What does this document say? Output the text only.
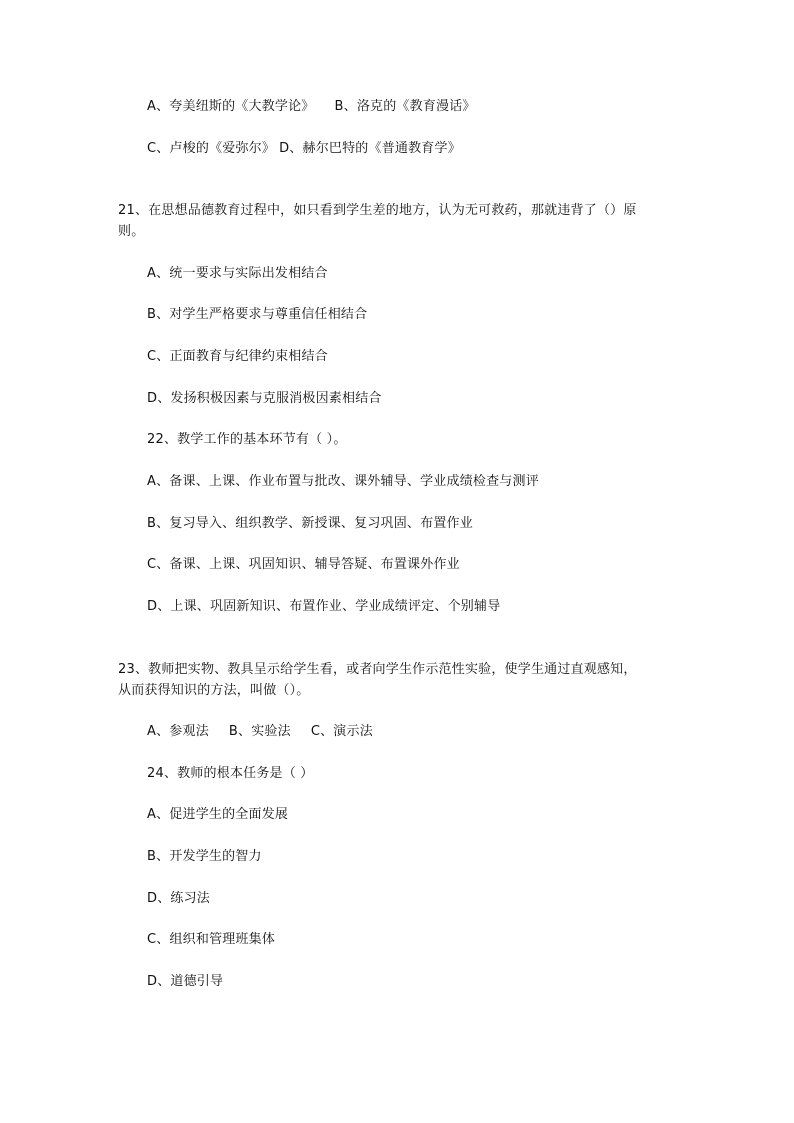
A、夸美纽斯的《大教学论》 B、洛克的《教育漫话》
C、卢梭的《爱弥尔》 D、赫尔巴特的《普通教育学》
21、在思想品德教育过程中，如只看到学生差的地方，认为无可救药，那就违背了（）原
则。
A、统一要求与实际出发相结合
B、对学生严格要求与尊重信任相结合
C、正面教育与纪律约束相结合
D、发扬积极因素与克服消极因素相结合
22、教学工作的基本环节有（ ）。
A、备课、上课、作业布置与批改、课外辅导、学业成绩检查与测评
B、复习导入、组织教学、新授课、复习巩固、布置作业
C、备课、上课、巩固知识、辅导答疑、布置课外作业
D、上课、巩固新知识、布置作业、学业成绩评定、个别辅导
23、教师把实物、教具呈示给学生看，或者向学生作示范性实验，使学生通过直观感知，
从而获得知识的方法，叫做（）。
A、参观法 B、实验法 C、演示法
24、教师的根本任务是（ ）
A、促进学生的全面发展
B、开发学生的智力
D、练习法
C、组织和管理班集体
D、道德引导
